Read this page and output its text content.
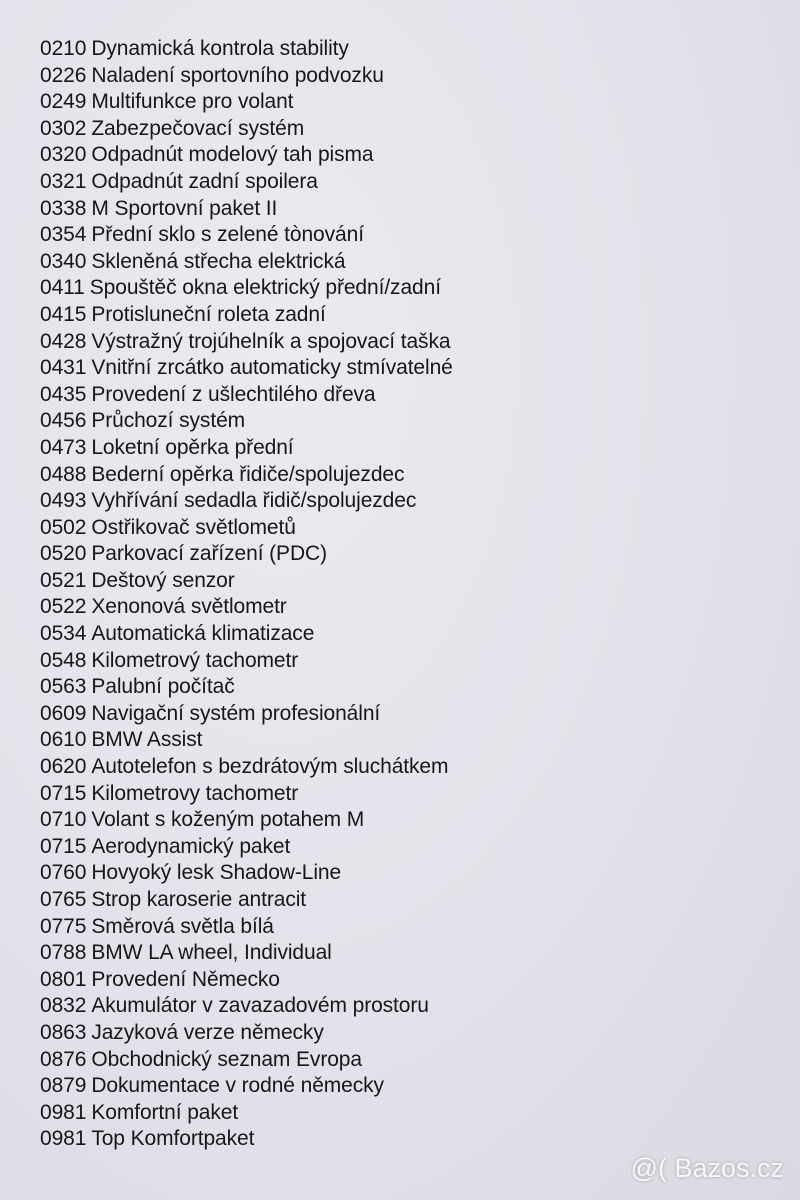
0210 Dynamická kontrola stability
0226 Naladení sportovního podvozku
0249 Multifunkce pro volant
0302 Zabezpečovací systém
0320 Odpadnút modelový tah pisma
0321 Odpadnút zadní spoilera
0338 M Sportovní paket II
0354 Přední sklo s zelené tònování
0340 Skleněná střecha elektrická
0411 Spouštěč okna elektrický přední/zadní
0415 Protisluneční roleta zadní
0428 Výstražný trojúhelník a spojovací taška
0431 Vnitřní zrcátko automaticky stmívatelné
0435 Provedení z ušlechtilého dřeva
0456 Průchozí systém
0473 Loketní opěrka přední
0488 Bederní opěrka řidiče/spolujezdec
0493 Vyhřívání sedadla řidič/spolujezdec
0502 Ostřikovač světlometů
0520 Parkovací zařízení (PDC)
0521 Deštový senzor
0522 Xenonová světlometr
0534 Automatická klimatizace
0548 Kilometrový tachometr
0563 Palubní počítač
0609 Navigační systém profesionální
0610 BMW Assist
0620 Autotelefon s bezdrátovým sluchátkem
0715 Kilometrovy tachometr
0710 Volant s koženým potahem M
0715 Aerodynamický paket
0760 Hovyoký lesk Shadow-Line
0765 Strop karoserie antracit
0775 Směrová světla bílá
0788 BMW LA wheel, Individual
0801 Provedení Německo
0832 Akumulátor v zavazadovém prostoru
0863 Jazyková verze německy
0876 Obchodnický seznam Evropa
0879 Dokumentace v rodné německy
0981 Komfortní paket
0981 Top Komfortpaket
@( Bazos.cz
